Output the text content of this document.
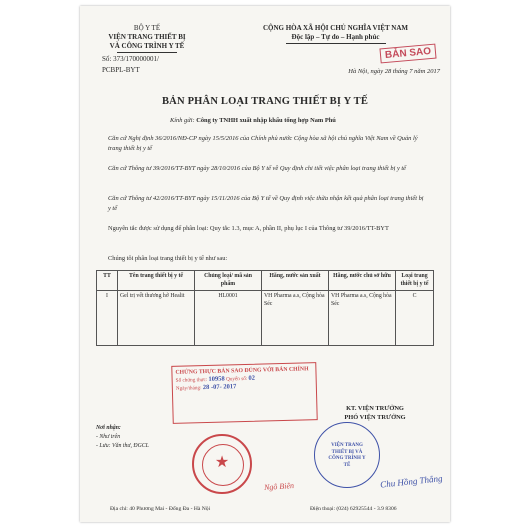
BỘ Y TẾ
VIỆN TRANG THIẾT BỊ
VÀ CÔNG TRÌNH Y TẾ
Số: 373/170000001/
PCBPL-BYT
CỘNG HÒA XÃ HỘI CHỦ NGHĨA VIỆT NAM
Độc lập – Tự do – Hạnh phúc
BẢN SAO
Hà Nội, ngày 28 tháng 7 năm 2017
BẢN PHÂN LOẠI TRANG THIẾT BỊ Y TẾ
Kính gửi: Công ty TNHH xuất nhập khẩu tổng hợp Nam Phú
Căn cứ Nghị định 36/2016/NĐ-CP ngày 15/5/2016 của Chính phủ nước Cộng hòa xã hội chủ nghĩa Việt Nam về Quản lý trang thiết bị y tế
Căn cứ Thông tư 39/2016/TT-BYT ngày 28/10/2016 của Bộ Y tế về Quy định chi tiết việc phân loại trang thiết bị y tế
Căn cứ Thông tư 42/2016/TT-BYT ngày 15/11/2016 của Bộ Y tế về Quy định việc thừa nhận kết quả phân loại trang thiết bị y tế
Nguyên tắc được sử dụng để phân loại: Quy tắc 1.3, mục A, phần II, phụ lục I của Thông tư 39/2016/TT-BYT
Chúng tôi phân loại trang thiết bị y tế như sau:
TT	Tên trang thiết bị y tế	Chủng loại/ mã sản phẩm	Hãng, nước sản xuất	Hãng, nước chủ sở hữu	Loại trang thiết bị y tế
I	Gel trị vết thương hở Healit	HL0001	VH Pharma a.s, Cộng hòa Séc	VH Pharma a.s, Cộng hòa Séc	C
CHỨNG THỰC BẢN SAO ĐÚNG VỚI BẢN CHÍNH
Số chứng thực: 10958 Quyển số: 02
Ngày/tháng: 28 -07- 2017
KT. VIỆN TRƯỞNG
PHÓ VIỆN TRƯỞNG
Nơi nhận:
- Như trên
- Lưu: Văn thư, ĐGCL
★
VIỆN TRANG THIẾT BỊ VÀ CÔNG TRÌNH Y TẾ
Ngô Biên	Chu Hồng Thắng
Địa chỉ: 40 Phương Mai - Đống Đa - Hà Nội	Điện thoại: (024) 62925544 - 3.9 8306
